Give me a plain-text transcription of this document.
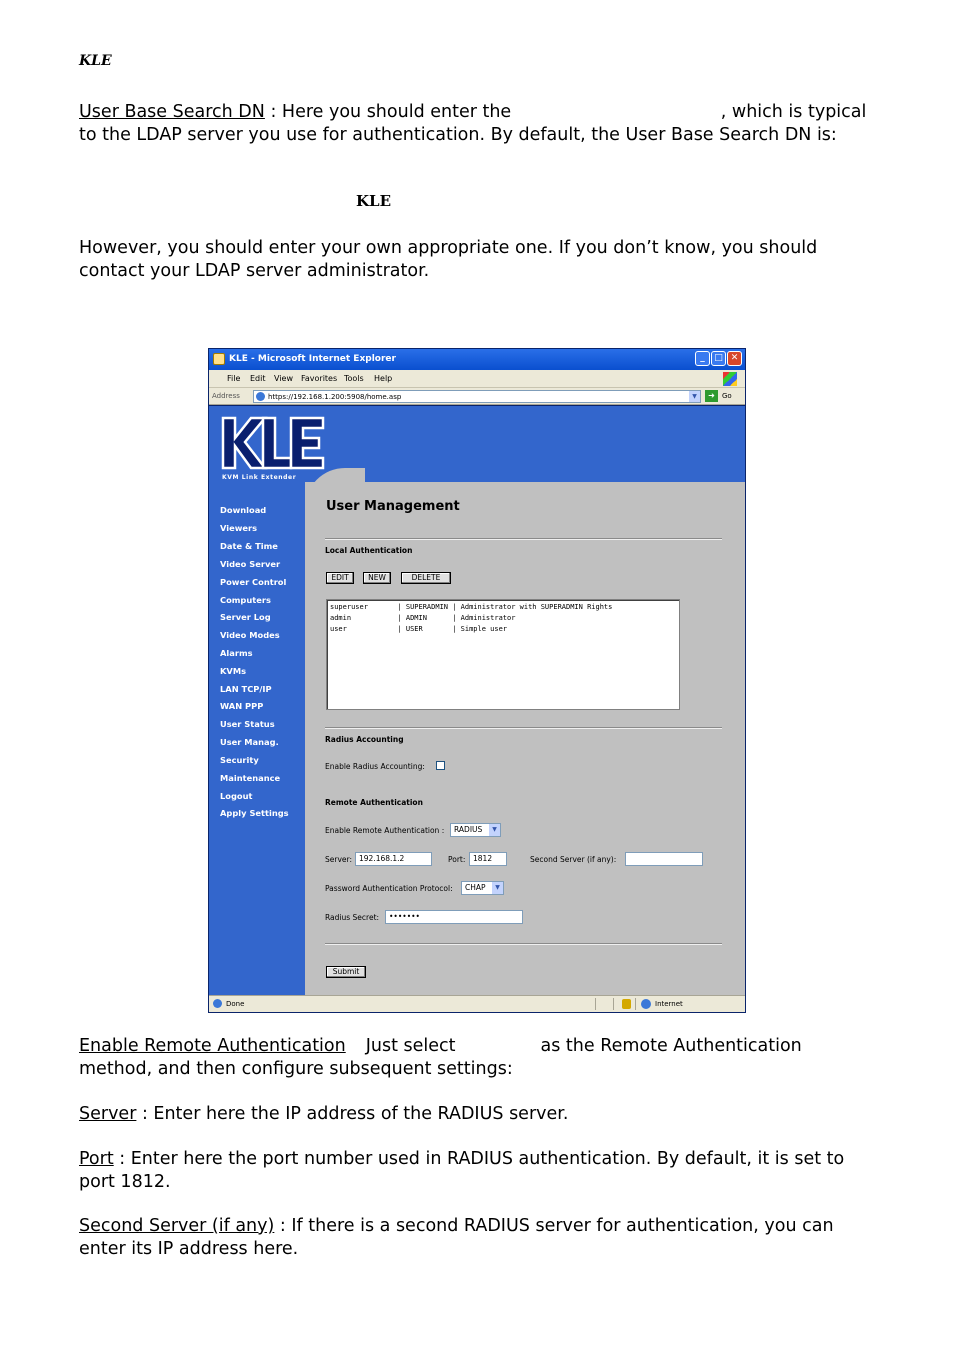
KLE
User Base Search DN : Here you should enter the	, which is typical to the LDAP server you use for authentication. By default, the User Base Search DN is:
KLE
However, you should enter your own appropriate one. If you don’t know, you should contact your LDAP server administrator.
KLE - Microsoft Internet Explorer	_	□ ✕
File Edit View Favorites Tools Help
Address	https://192.168.1.200:5908/home.asp	▼	➜	Go
KVM Link Extender
Download
Viewers
Date & Time
Video Server
Power Control
Computers
Server Log
Video Modes
Alarms
KVMs
LAN TCP/IP
WAN PPP
User Status
User Manag.
Security
Maintenance
Logout
Apply Settings
User Management
Local Authentication
EDIT	NEW	DELETE
superuser       | SUPERADMIN | Administrator with SUPERADMIN Rights
admin           | ADMIN      | Administrator
user            | USER       | Simple user
Radius Accounting
Enable Radius Accounting:
Remote Authentication
Enable Remote Authentication :	RADIUS	▼
Server: 192.168.1.2	Port:	1812	Second Server (if any):
Password Authentication Protocol:	CHAP	▼
Radius Secret:	•••••••
Submit
Done	Internet
Enable Remote Authentication Just select	as the Remote Authentication method, and then configure subsequent settings:
Server : Enter here the IP address of the RADIUS server.
Port : Enter here the port number used in RADIUS authentication. By default, it is set to port 1812.
Second Server (if any) : If there is a second RADIUS server for authentication, you can enter its IP address here.
